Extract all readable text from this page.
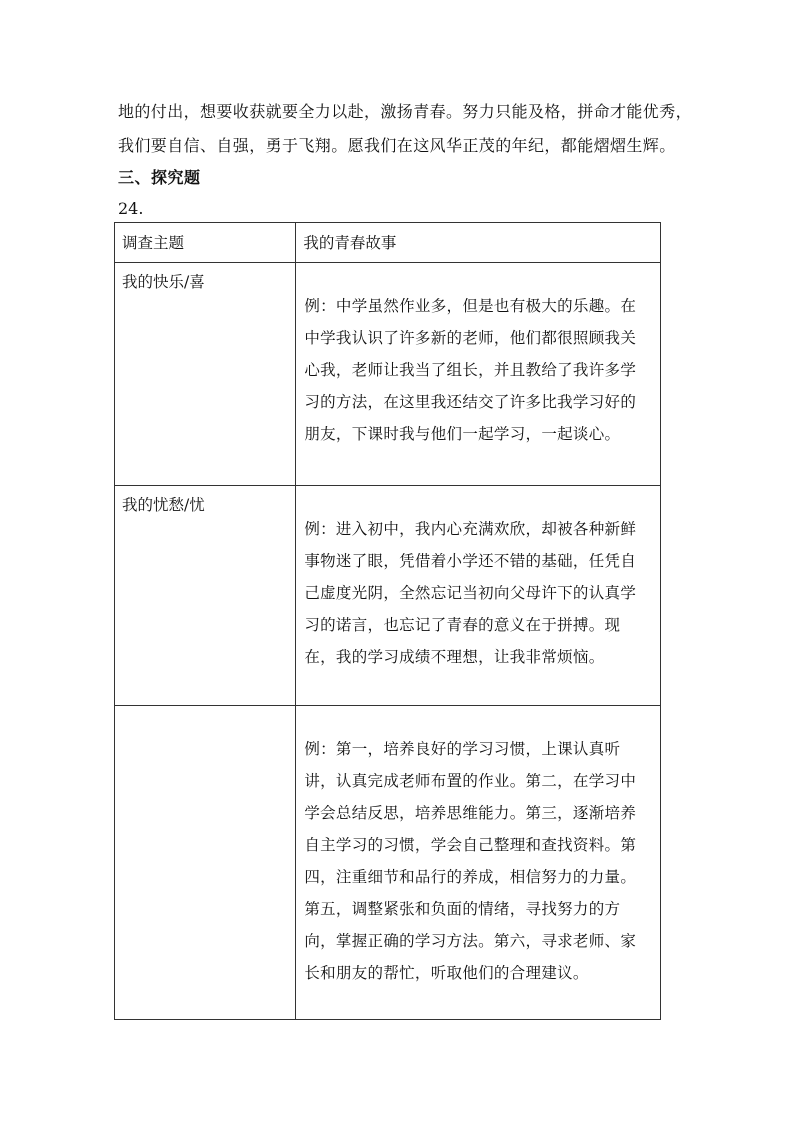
地的付出，想要收获就要全力以赴，激扬青春。努力只能及格，拼命才能优秀，
我们要自信、自强，勇于飞翔。愿我们在这风华正茂的年纪，都能熠熠生辉。
三、探究题
24.
调查主题	我的青春故事

我的快乐/喜	例：中学虽然作业多，但是也有极大的乐趣。在中学我认识了许多新的老师，他们都很照顾我关心我，老师让我当了组长，并且教给了我许多学习的方法，在这里我还结交了许多比我学习好的朋友，下课时我与他们一起学习，一起谈心。

我的忧愁/忧	例：进入初中，我内心充满欢欣，却被各种新鲜事物迷了眼，凭借着小学还不错的基础，任凭自己虚度光阴，全然忘记当初向父母许下的认真学习的诺言，也忘记了青春的意义在于拼搏。现在，我的学习成绩不理想，让我非常烦恼。

	例：第一，培养良好的学习习惯，上课认真听讲，认真完成老师布置的作业。第二，在学习中学会总结反思，培养思维能力。第三，逐渐培养自主学习的习惯，学会自己整理和查找资料。第四，注重细节和品行的养成，相信努力的力量。第五，调整紧张和负面的情绪，寻找努力的方向，掌握正确的学习方法。第六，寻求老师、家长和朋友的帮忙，听取他们的合理建议。
